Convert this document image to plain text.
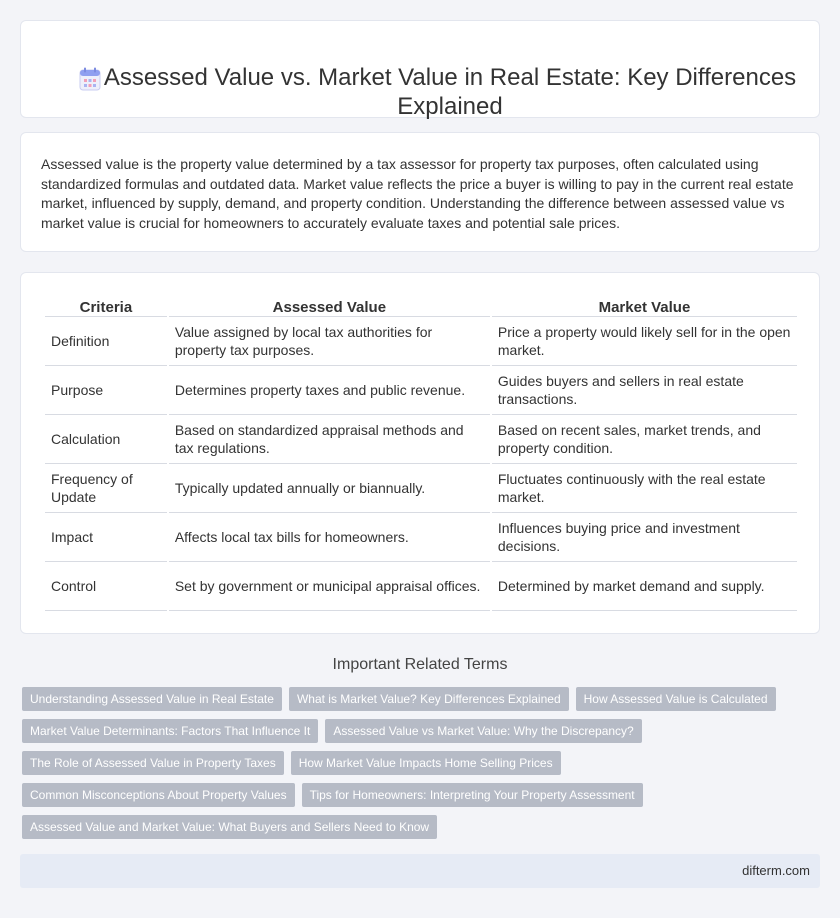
Assessed Value vs. Market Value in Real Estate: Key Differences Explained

Assessed value is the property value determined by a tax assessor for property tax purposes, often calculated using standardized formulas and outdated data. Market value reflects the price a buyer is willing to pay in the current real estate market, influenced by supply, demand, and property condition. Understanding the difference between assessed value vs market value is crucial for homeowners to accurately evaluate taxes and potential sale prices.

Criteria	Assessed Value	Market Value
Definition	Value assigned by local tax authorities for property tax purposes.	Price a property would likely sell for in the open market.
Purpose	Determines property taxes and public revenue.	Guides buyers and sellers in real estate transactions.
Calculation	Based on standardized appraisal methods and tax regulations.	Based on recent sales, market trends, and property condition.
Frequency of Update	Typically updated annually or biannually.	Fluctuates continuously with the real estate market.
Impact	Affects local tax bills for homeowners.	Influences buying price and investment decisions.
Control	Set by government or municipal appraisal offices.	Determined by market demand and supply.
Important Related Terms
Understanding Assessed Value in Real Estate	What is Market Value? Key Differences Explained	How Assessed Value is Calculated
Market Value Determinants: Factors That Influence It	Assessed Value vs Market Value: Why the Discrepancy?
The Role of Assessed Value in Property Taxes	How Market Value Impacts Home Selling Prices
Common Misconceptions About Property Values	Tips for Homeowners: Interpreting Your Property Assessment
Assessed Value and Market Value: What Buyers and Sellers Need to Know
difterm.com
